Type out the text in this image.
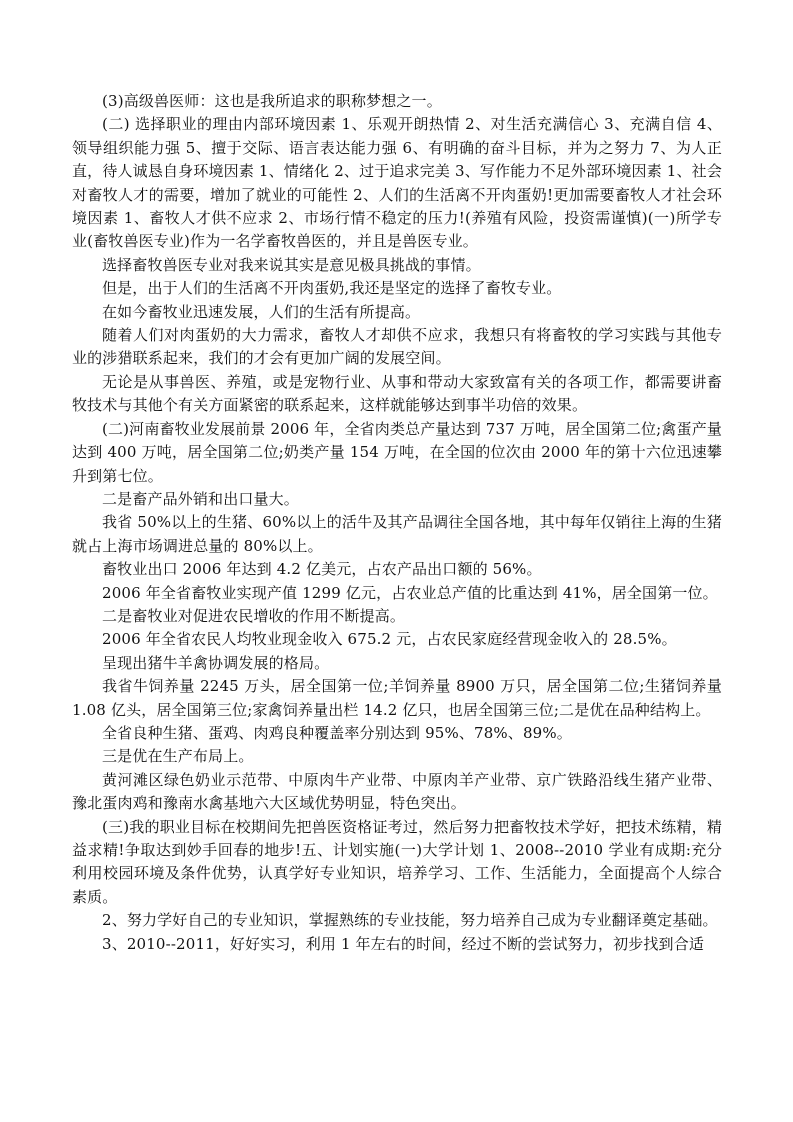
(3)高级兽医师：这也是我所追求的职称梦想之一。

(二) 选择职业的理由内部环境因素 1、乐观开朗热情 2、对生活充满信心 3、充满自信 4、领导组织能力强 5、擅于交际、语言表达能力强 6、有明确的奋斗目标，并为之努力 7、为人正直，待人诚恳自身环境因素 1、情绪化 2、过于追求完美 3、写作能力不足外部环境因素 1、社会对畜牧人才的需要，增加了就业的可能性 2、人们的生活离不开肉蛋奶!更加需要畜牧人才社会环境因素 1、畜牧人才供不应求 2、市场行情不稳定的压力!(养殖有风险，投资需谨慎)(一)所学专业(畜牧兽医专业)作为一名学畜牧兽医的，并且是兽医专业。

选择畜牧兽医专业对我来说其实是意见极具挑战的事情。

但是，出于人们的生活离不开肉蛋奶,我还是坚定的选择了畜牧专业。

在如今畜牧业迅速发展，人们的生活有所提高。

随着人们对肉蛋奶的大力需求，畜牧人才却供不应求，我想只有将畜牧的学习实践与其他专业的涉猎联系起来，我们的才会有更加广阔的发展空间。

无论是从事兽医、养殖，或是宠物行业、从事和带动大家致富有关的各项工作，都需要讲畜牧技术与其他个有关方面紧密的联系起来，这样就能够达到事半功倍的效果。

(二)河南畜牧业发展前景 2006 年，全省肉类总产量达到 737 万吨，居全国第二位;禽蛋产量达到 400 万吨，居全国第二位;奶类产量 154 万吨，在全国的位次由 2000 年的第十六位迅速攀升到第七位。

二是畜产品外销和出口量大。

我省 50%以上的生猪、60%以上的活牛及其产品调往全国各地，其中每年仅销往上海的生猪就占上海市场调进总量的 80%以上。

畜牧业出口 2006 年达到 4.2 亿美元，占农产品出口额的 56%。

2006 年全省畜牧业实现产值 1299 亿元，占农业总产值的比重达到 41%，居全国第一位。

二是畜牧业对促进农民增收的作用不断提高。

2006 年全省农民人均牧业现金收入 675.2 元，占农民家庭经营现金收入的 28.5%。

呈现出猪牛羊禽协调发展的格局。

我省牛饲养量 2245 万头，居全国第一位;羊饲养量 8900 万只，居全国第二位;生猪饲养量 1.08 亿头，居全国第三位;家禽饲养量出栏 14.2 亿只，也居全国第三位;二是优在品种结构上。

全省良种生猪、蛋鸡、肉鸡良种覆盖率分别达到 95%、78%、89%。

三是优在生产布局上。

黄河滩区绿色奶业示范带、中原肉牛产业带、中原肉羊产业带、京广铁路沿线生猪产业带、豫北蛋肉鸡和豫南水禽基地六大区域优势明显，特色突出。

(三)我的职业目标在校期间先把兽医资格证考过，然后努力把畜牧技术学好，把技术练精，精益求精!争取达到妙手回春的地步!五、计划实施(一)大学计划 1、2008--2010 学业有成期:充分利用校园环境及条件优势，认真学好专业知识，培养学习、工作、生活能力，全面提高个人综合素质。

2、努力学好自己的专业知识，掌握熟练的专业技能，努力培养自己成为专业翻译奠定基础。

3、2010--2011，好好实习，利用 1 年左右的时间，经过不断的尝试努力，初步找到合适
